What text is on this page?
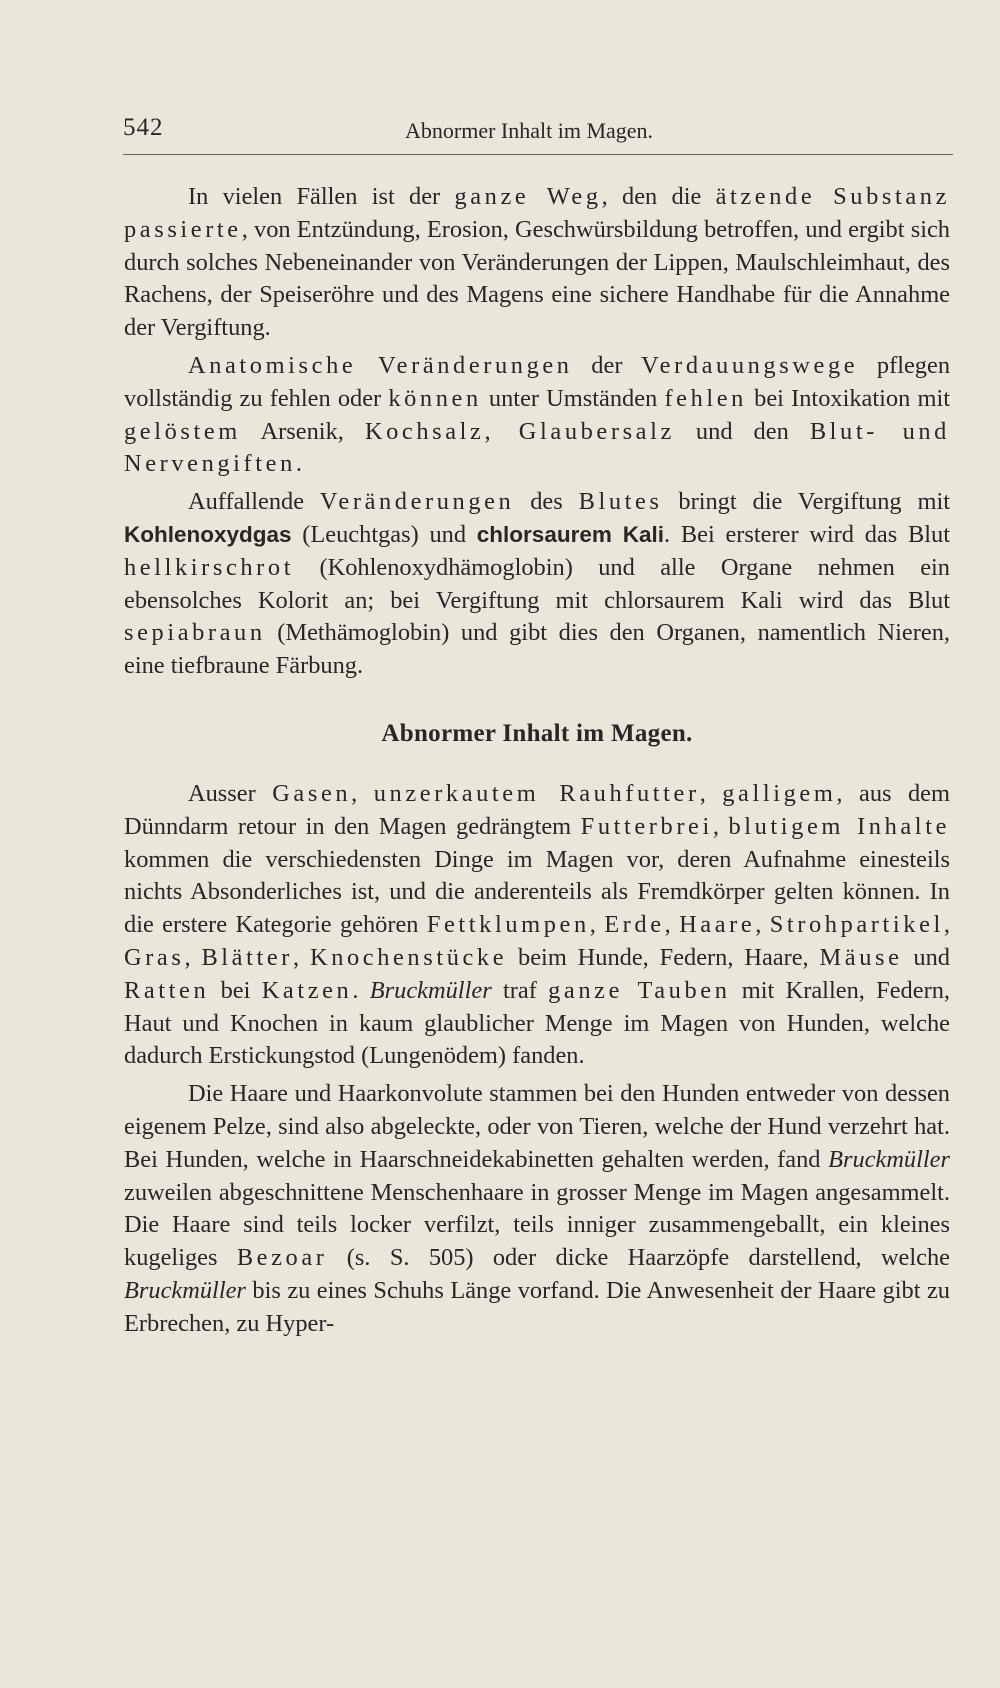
542	Abnormer Inhalt im Magen.

In vielen Fällen ist der ganze Weg, den die ätzende Substanz passierte, von Entzündung, Erosion, Geschwürsbildung betroffen, und ergibt sich durch solches Nebeneinander von Veränderungen der Lippen, Maulschleimhaut, des Rachens, der Speiseröhre und des Magens eine sichere Handhabe für die Annahme der Vergiftung.

Anatomische Veränderungen der Verdauungswege pflegen vollständig zu fehlen oder können unter Umständen fehlen bei Intoxikation mit gelöstem Arsenik, Kochsalz, Glaubersalz und den Blut- und Nervengiften.

Auffallende Veränderungen des Blutes bringt die Vergiftung mit Kohlenoxydgas (Leuchtgas) und chlorsaurem Kali. Bei ersterer wird das Blut hellkirschrot (Kohlenoxydhämoglobin) und alle Organe nehmen ein ebensolches Kolorit an; bei Vergiftung mit chlorsaurem Kali wird das Blut sepiabraun (Methämoglobin) und gibt dies den Organen, namentlich Nieren, eine tiefbraune Färbung.

Abnormer Inhalt im Magen.

Ausser Gasen, unzerkautem Rauhfutter, galligem, aus dem Dünndarm retour in den Magen gedrängtem Futterbrei, blutigem Inhalte kommen die verschiedensten Dinge im Magen vor, deren Aufnahme einesteils nichts Absonderliches ist, und die anderenteils als Fremdkörper gelten können. In die erstere Kategorie gehören Fettklumpen, Erde, Haare, Strohpartikel, Gras, Blätter, Knochenstücke beim Hunde, Federn, Haare, Mäuse und Ratten bei Katzen. Bruckmüller traf ganze Tauben mit Krallen, Federn, Haut und Knochen in kaum glaublicher Menge im Magen von Hunden, welche dadurch Erstickungstod (Lungenödem) fanden.

Die Haare und Haarkonvolute stammen bei den Hunden entweder von dessen eigenem Pelze, sind also abgeleckte, oder von Tieren, welche der Hund verzehrt hat. Bei Hunden, welche in Haarschneidekabinetten gehalten werden, fand Bruckmüller zuweilen abgeschnittene Menschenhaare in grosser Menge im Magen angesammelt. Die Haare sind teils locker verfilzt, teils inniger zusammengeballt, ein kleines kugeliges Bezoar (s. S. 505) oder dicke Haarzöpfe darstellend, welche Bruckmüller bis zu eines Schuhs Länge vorfand. Die Anwesenheit der Haare gibt zu Erbrechen, zu Hyper-
